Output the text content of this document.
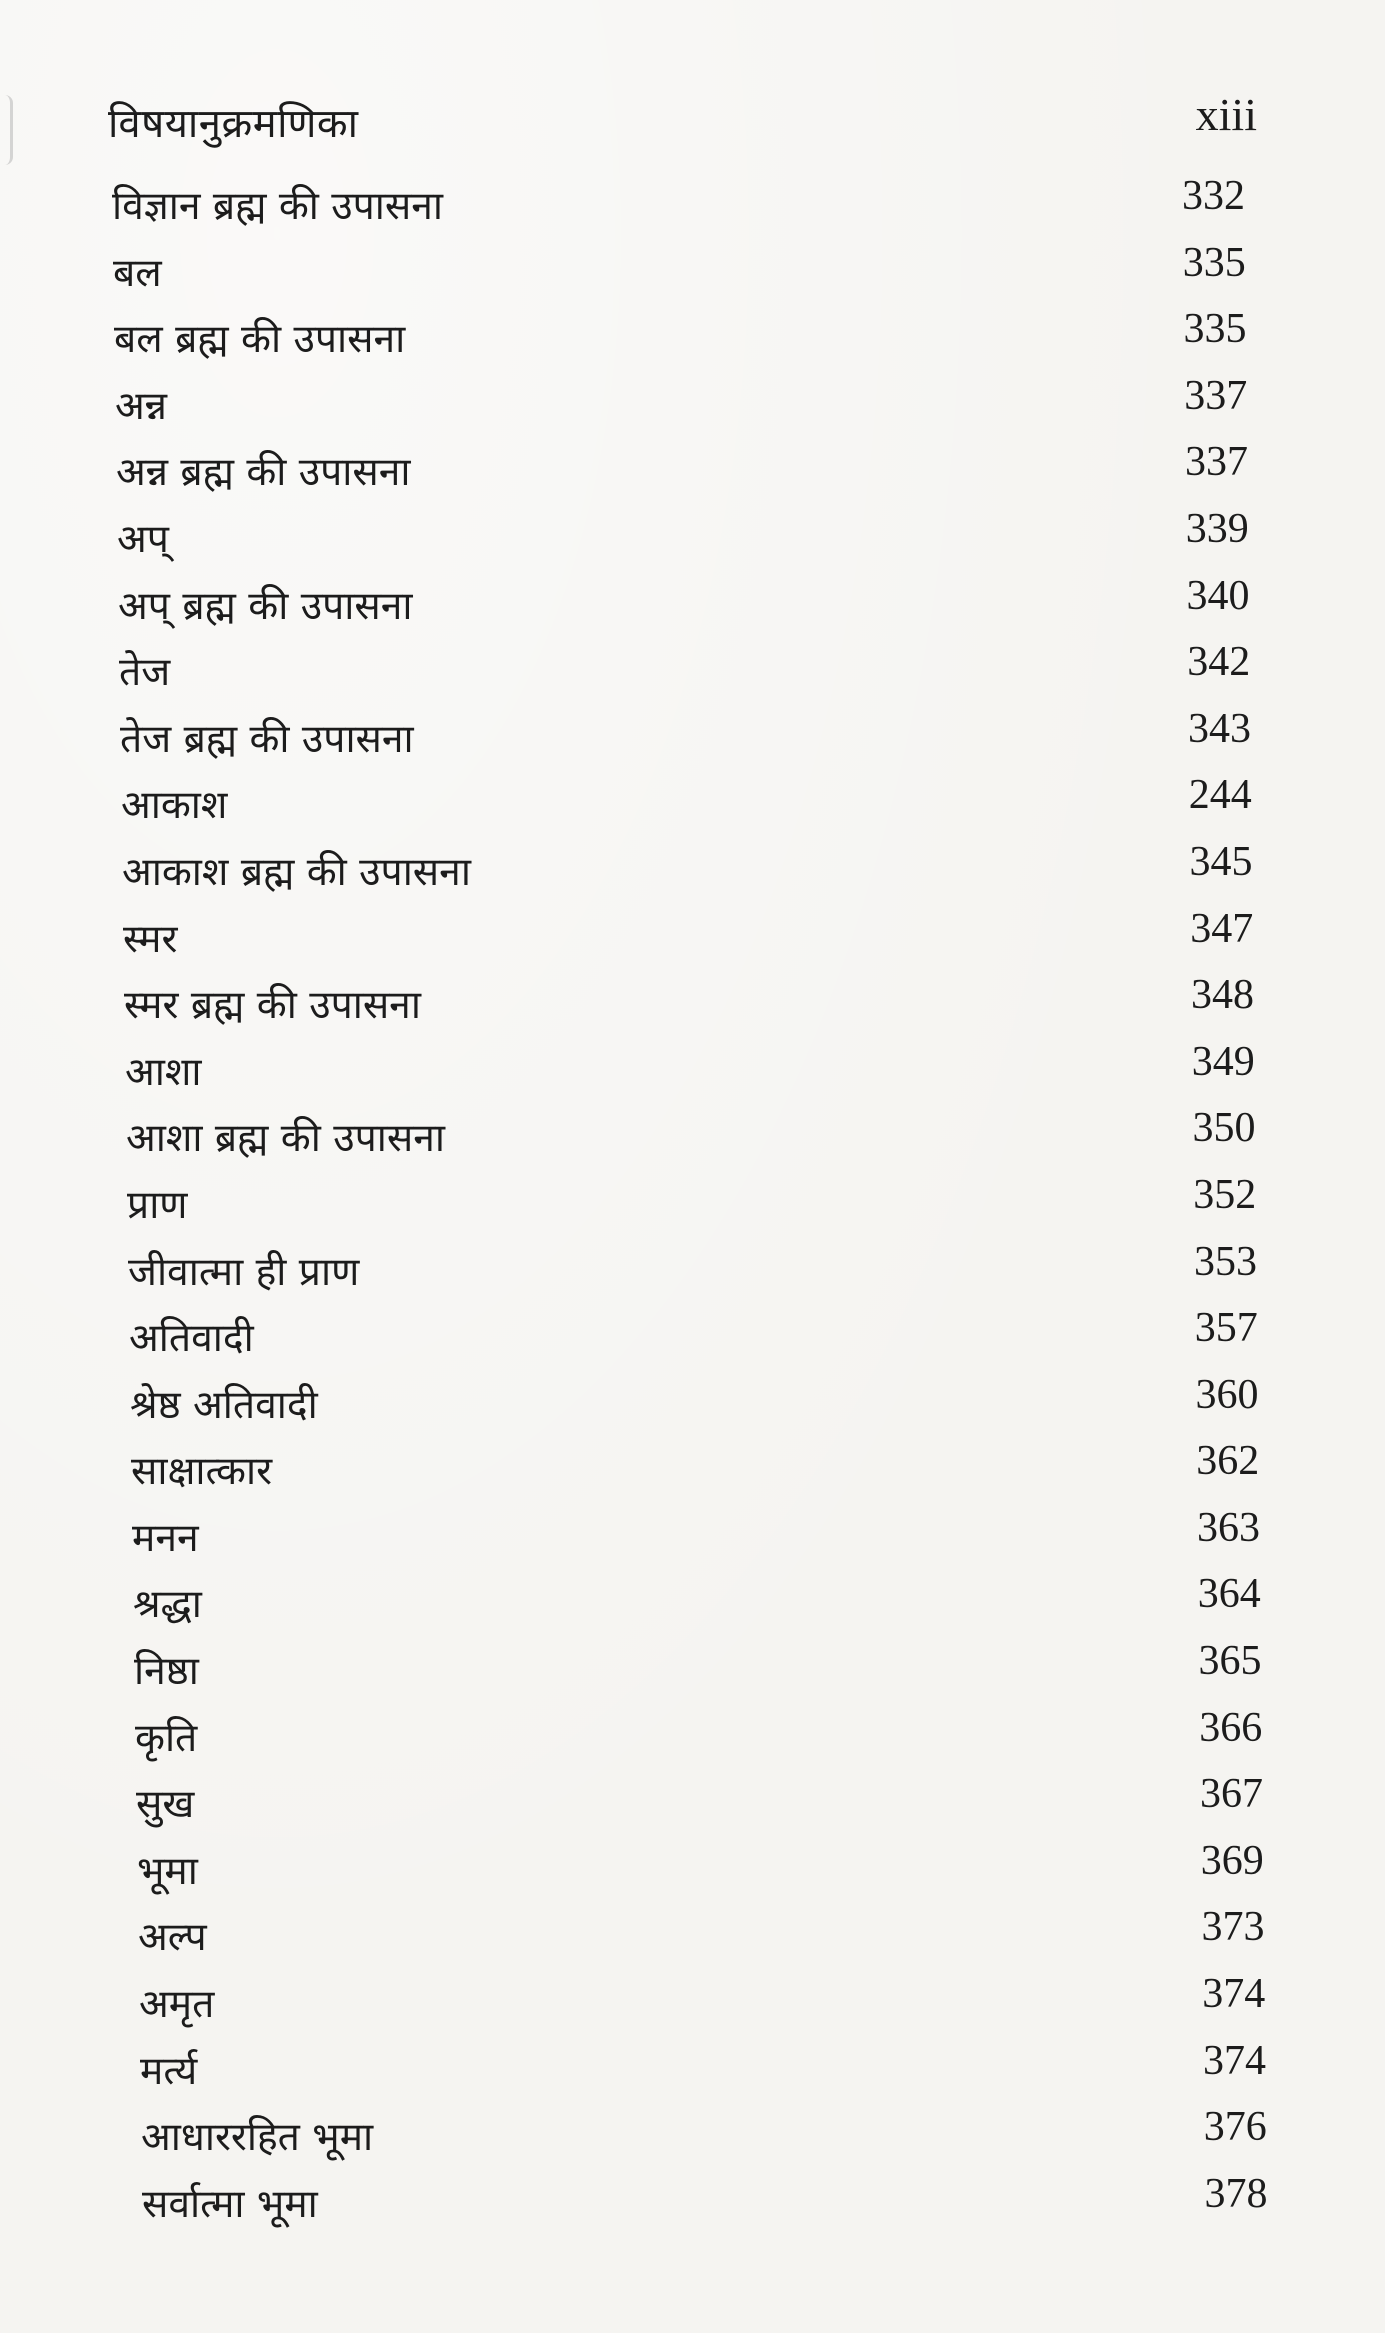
विषयानुक्रमणिका	xiii
विज्ञान ब्रह्म की उपासना	332
बल	335
बल ब्रह्म की उपासना	335
अन्न	337
अन्न ब्रह्म की उपासना	337
अप्	339
अप् ब्रह्म की उपासना	340
तेज	342
तेज ब्रह्म की उपासना	343
आकाश	244
आकाश ब्रह्म की उपासना	345
स्मर	347
स्मर ब्रह्म की उपासना	348
आशा	349
आशा ब्रह्म की उपासना	350
प्राण	352
जीवात्मा ही प्राण	353
अतिवादी	357
श्रेष्ठ अतिवादी	360
साक्षात्कार	362
मनन	363
श्रद्धा	364
निष्ठा	365
कृति	366
सुख	367
भूमा	369
अल्प	373
अमृत	374
मर्त्य	374
आधाररहित भूमा	376
सर्वात्मा भूमा	378
